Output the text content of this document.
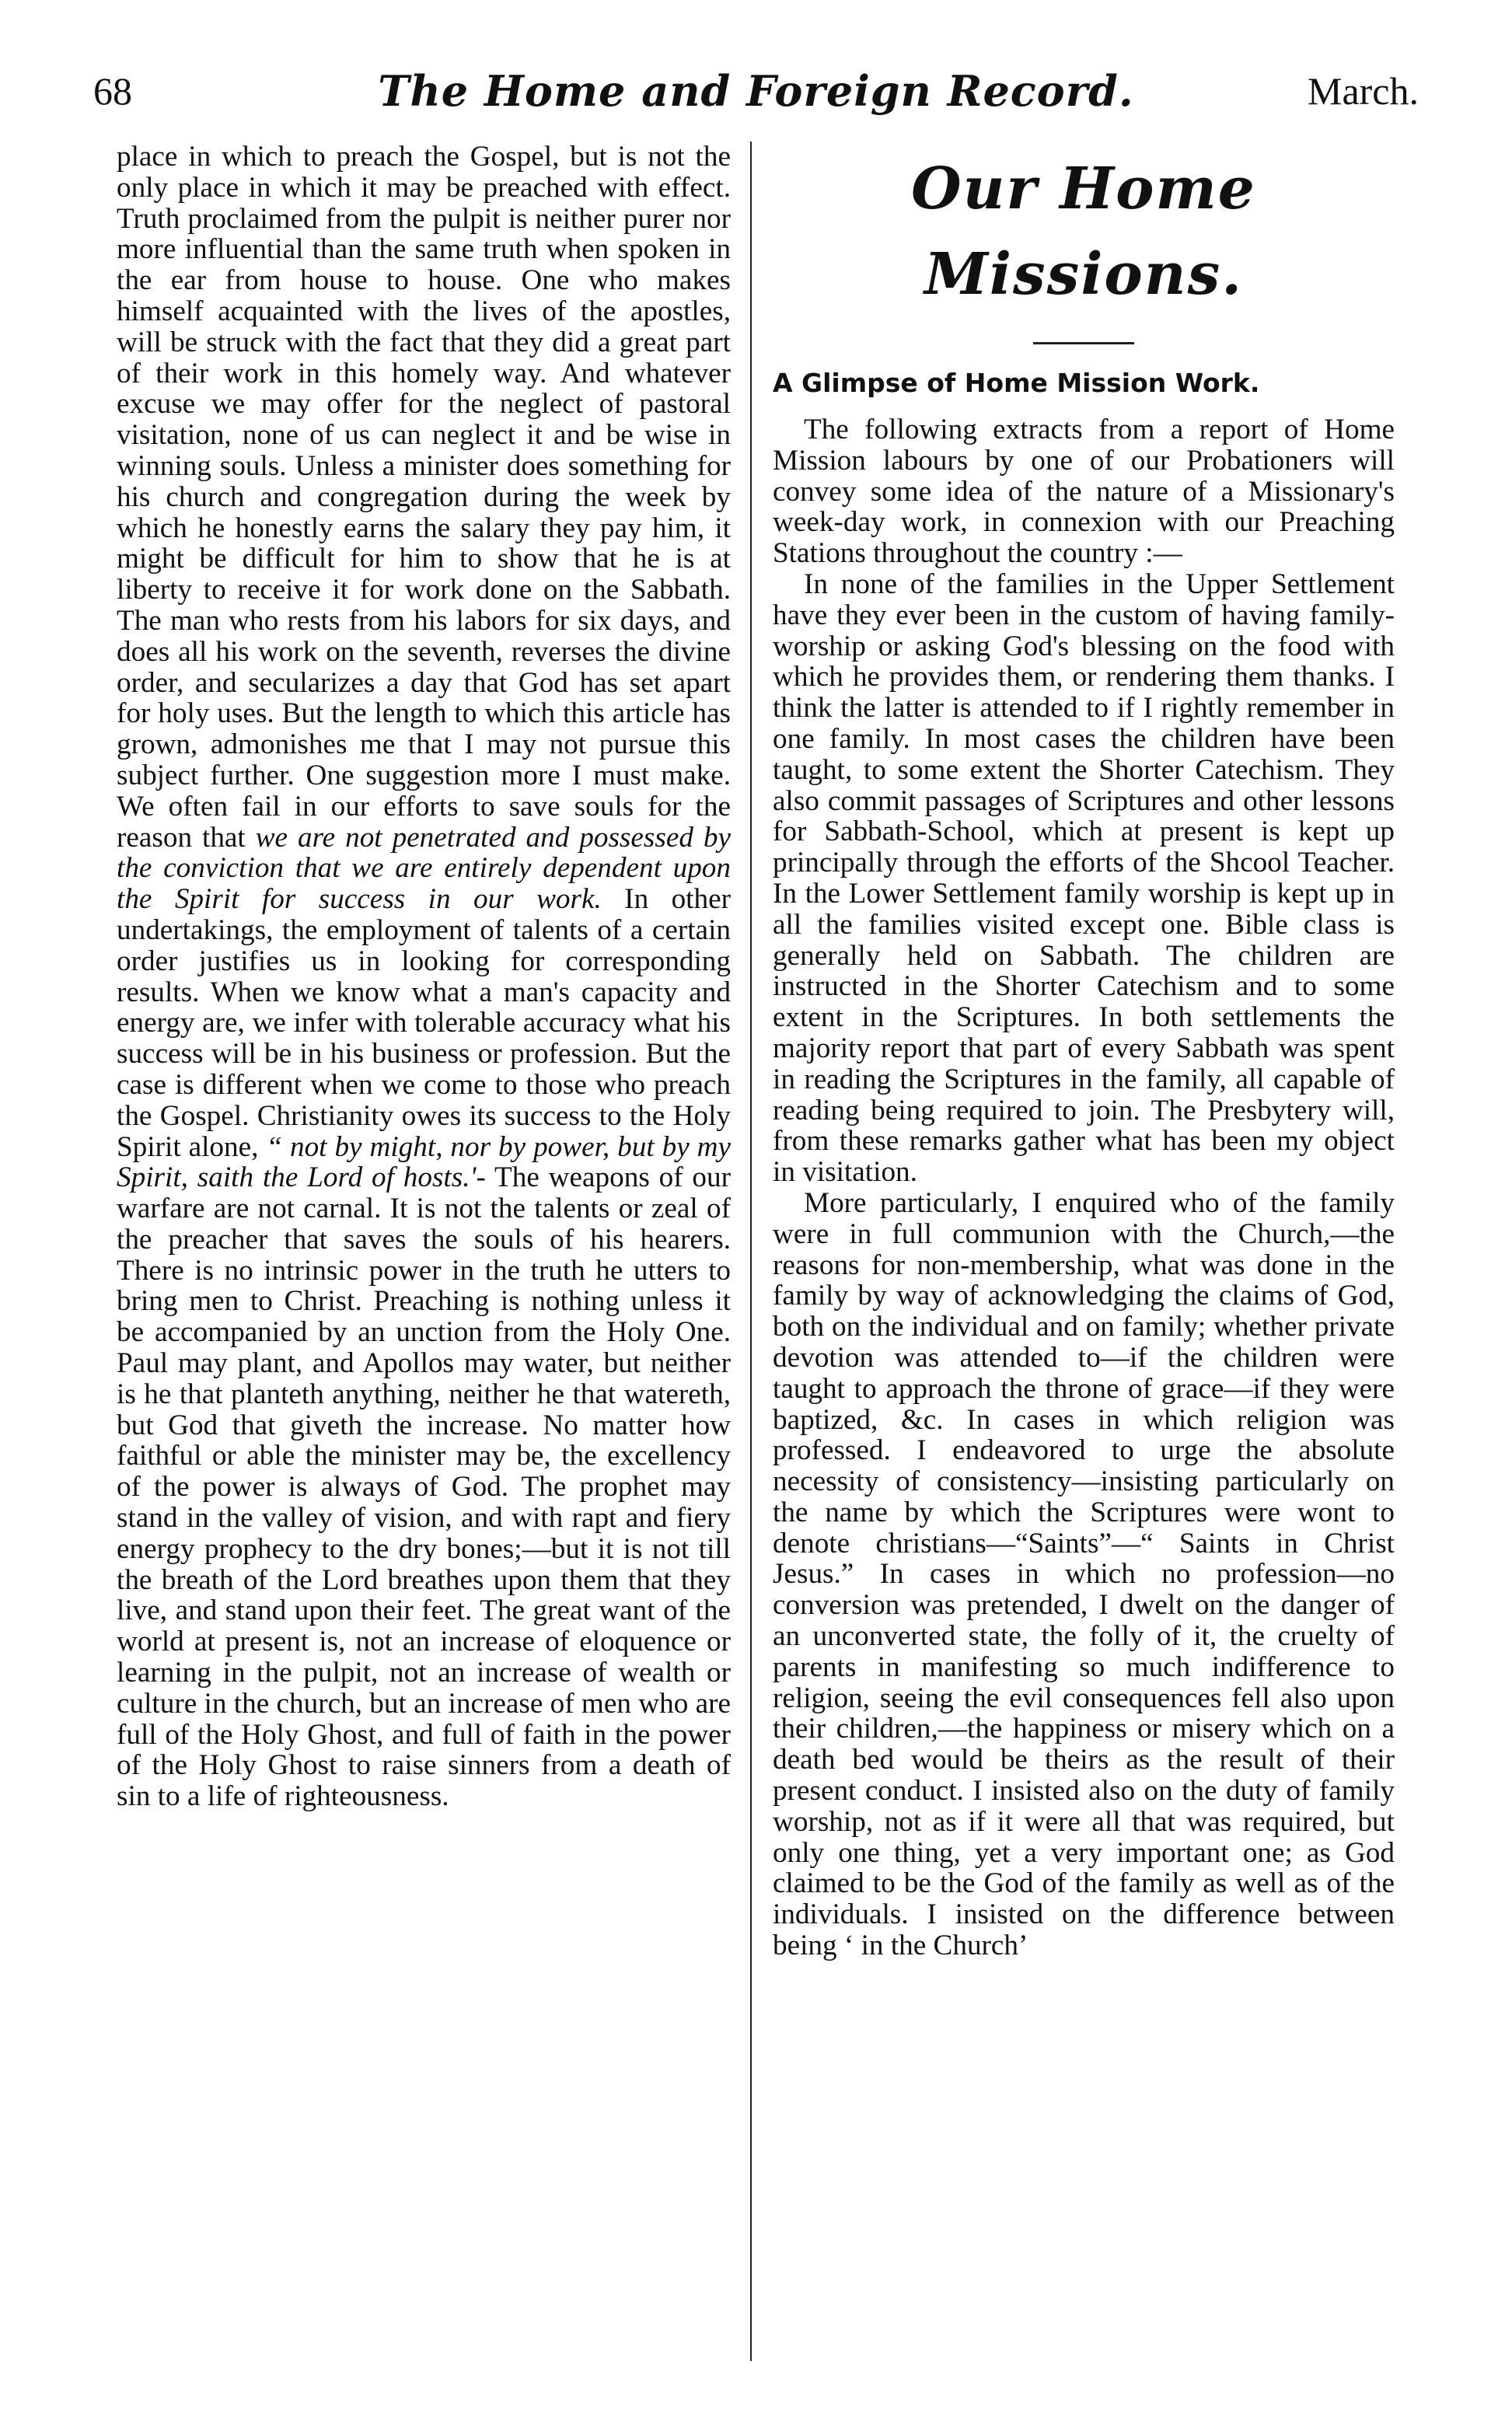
68	The Home and Foreign Record.	March.

place in which to preach the Gospel, but is not the only place in which it may be preached with effect. Truth proclaimed from the pulpit is neither purer nor more influential than the same truth when spoken in the ear from house to house. One who makes himself acquainted with the lives of the apostles, will be struck with the fact that they did a great part of their work in this homely way. And whatever excuse we may offer for the neglect of pastoral visitation, none of us can neglect it and be wise in winning souls. Unless a minister does something for his church and congregation during the week by which he honestly earns the salary they pay him, it might be difficult for him to show that he is at liberty to receive it for work done on the Sabbath. The man who rests from his labors for six days, and does all his work on the seventh, reverses the divine order, and secularizes a day that God has set apart for holy uses. But the length to which this article has grown, admonishes me that I may not pursue this subject further. One suggestion more I must make. We often fail in our efforts to save souls for the reason that we are not penetrated and possessed by the conviction that we are entirely dependent upon the Spirit for success in our work. In other undertakings, the employment of talents of a certain order justifies us in looking for corresponding results. When we know what a man's capacity and energy are, we infer with tolerable accuracy what his success will be in his business or profession. But the case is different when we come to those who preach the Gospel. Christianity owes its success to the Holy Spirit alone, “ not by might, nor by power, but by my Spirit, saith the Lord of hosts.'- The weapons of our warfare are not carnal. It is not the talents or zeal of the preacher that saves the souls of his hearers. There is no intrinsic power in the truth he utters to bring men to Christ. Preaching is nothing unless it be accompanied by an unction from the Holy One. Paul may plant, and Apollos may water, but neither is he that planteth anything, neither he that watereth, but God that giveth the increase. No matter how faithful or able the minister may be, the excellency of the power is always of God. The prophet may stand in the valley of vision, and with rapt and fiery energy prophecy to the dry bones;—but it is not till the breath of the Lord breathes upon them that they live, and stand upon their feet. The great want of the world at present is, not an increase of eloquence or learning in the pulpit, not an increase of wealth or culture in the church, but an increase of men who are full of the Holy Ghost, and full of faith in the power of the Holy Ghost to raise sinners from a death of sin to a life of righteousness.

Our Home Missions.
A Glimpse of Home Mission Work.

The following extracts from a report of Home Mission labours by one of our Probationers will convey some idea of the nature of a Missionary's week-day work, in connexion with our Preaching Stations throughout the country :—

In none of the families in the Upper Settlement have they ever been in the custom of having family-worship or asking God's blessing on the food with which he provides them, or rendering them thanks. I think the latter is attended to if I rightly remember in one family. In most cases the children have been taught, to some extent the Shorter Catechism. They also commit passages of Scriptures and other lessons for Sabbath-School, which at present is kept up principally through the efforts of the Shcool Teacher. In the Lower Settlement family worship is kept up in all the families visited except one. Bible class is generally held on Sabbath. The children are instructed in the Shorter Catechism and to some extent in the Scriptures. In both settlements the majority report that part of every Sabbath was spent in reading the Scriptures in the family, all capable of reading being required to join. The Presbytery will, from these remarks gather what has been my object in visitation.

More particularly, I enquired who of the family were in full communion with the Church,—the reasons for non-membership, what was done in the family by way of acknowledging the claims of God, both on the individual and on family; whether private devotion was attended to—if the children were taught to approach the throne of grace—if they were baptized, &c. In cases in which religion was professed. I endeavored to urge the absolute necessity of consistency—insisting particularly on the name by which the Scriptures were wont to denote christians—“Saints”—“ Saints in Christ Jesus.” In cases in which no profession—no conversion was pretended, I dwelt on the danger of an unconverted state, the folly of it, the cruelty of parents in manifesting so much indifference to religion, seeing the evil consequences fell also upon their children,—the happiness or misery which on a death bed would be theirs as the result of their present conduct. I insisted also on the duty of family worship, not as if it were all that was required, but only one thing, yet a very important one; as God claimed to be the God of the family as well as of the individuals. I insisted on the difference between being ‘ in the Church’
